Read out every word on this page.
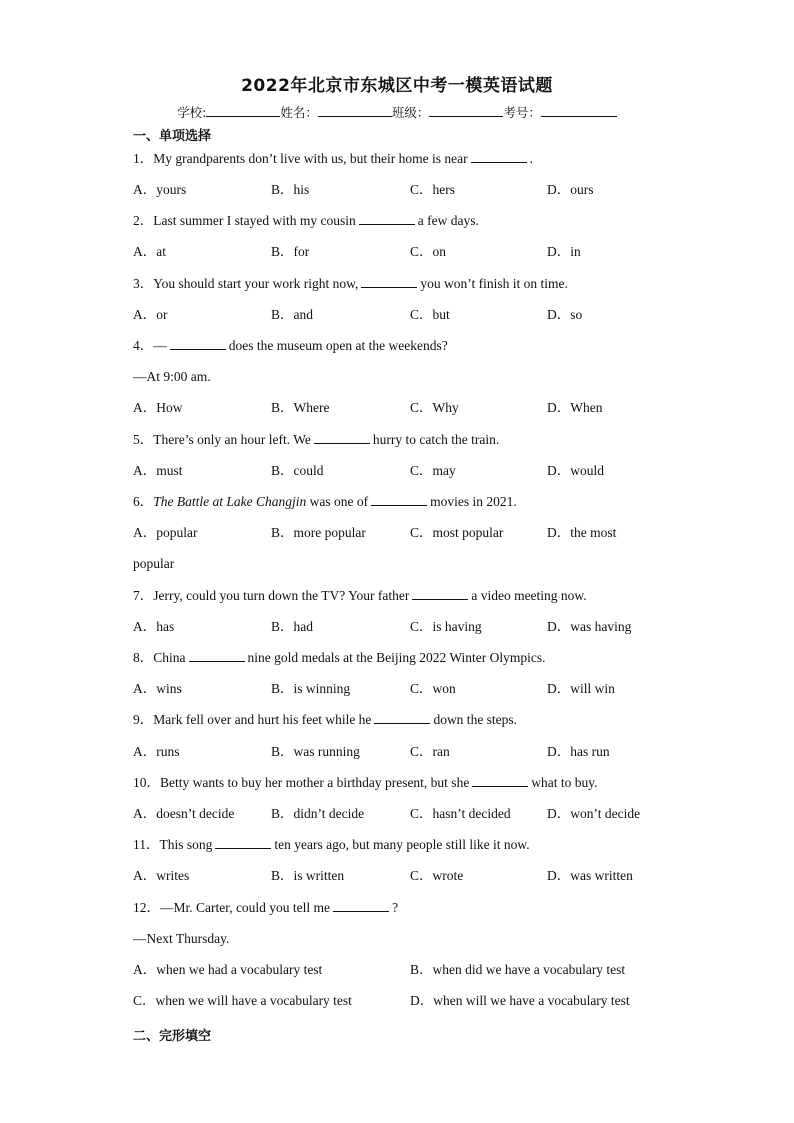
2022年北京市东城区中考一模英语试题
学校:	姓名：	班级：	考号：
一、单项选择
1．My grandparents don’t live with us, but their home is near	.
A．yours	B．his	C．hers	D．ours
2．Last summer I stayed with my cousin	a few days.
A．at	B．for	C．on	D．in
3．You should start your work right now,	you won’t finish it on time.
A．or	B．and	C．but	D．so
4．—	does the museum open at the weekends?
—At 9:00 am.
A．How	B．Where	C．Why	D．When
5．There’s only an hour left. We	hurry to catch the train.
A．must	B．could	C．may	D．would
6．The Battle at Lake Changjin was one of	movies in 2021.
A．popular	B．more popular	C．most popular	D．the most
popular
7．Jerry, could you turn down the TV? Your father	a video meeting now.
A．has	B．had	C．is having	D．was having
8．China	nine gold medals at the Beijing 2022 Winter Olympics.
A．wins	B．is winning	C．won	D．will win
9．Mark fell over and hurt his feet while he	down the steps.
A．runs	B．was running	C．ran	D．has run
10．Betty wants to buy her mother a birthday present, but she	what to buy.
A．doesn’t decide	B．didn’t decide	C．hasn’t decided	D．won’t decide
11．This song	ten years ago, but many people still like it now.
A．writes	B．is written	C．wrote	D．was written
12．—Mr. Carter, could you tell me	?
—Next Thursday.
A．when we had a vocabulary test	B．when did we have a vocabulary test
C．when we will have a vocabulary test	D．when will we have a vocabulary test
二、完形填空
